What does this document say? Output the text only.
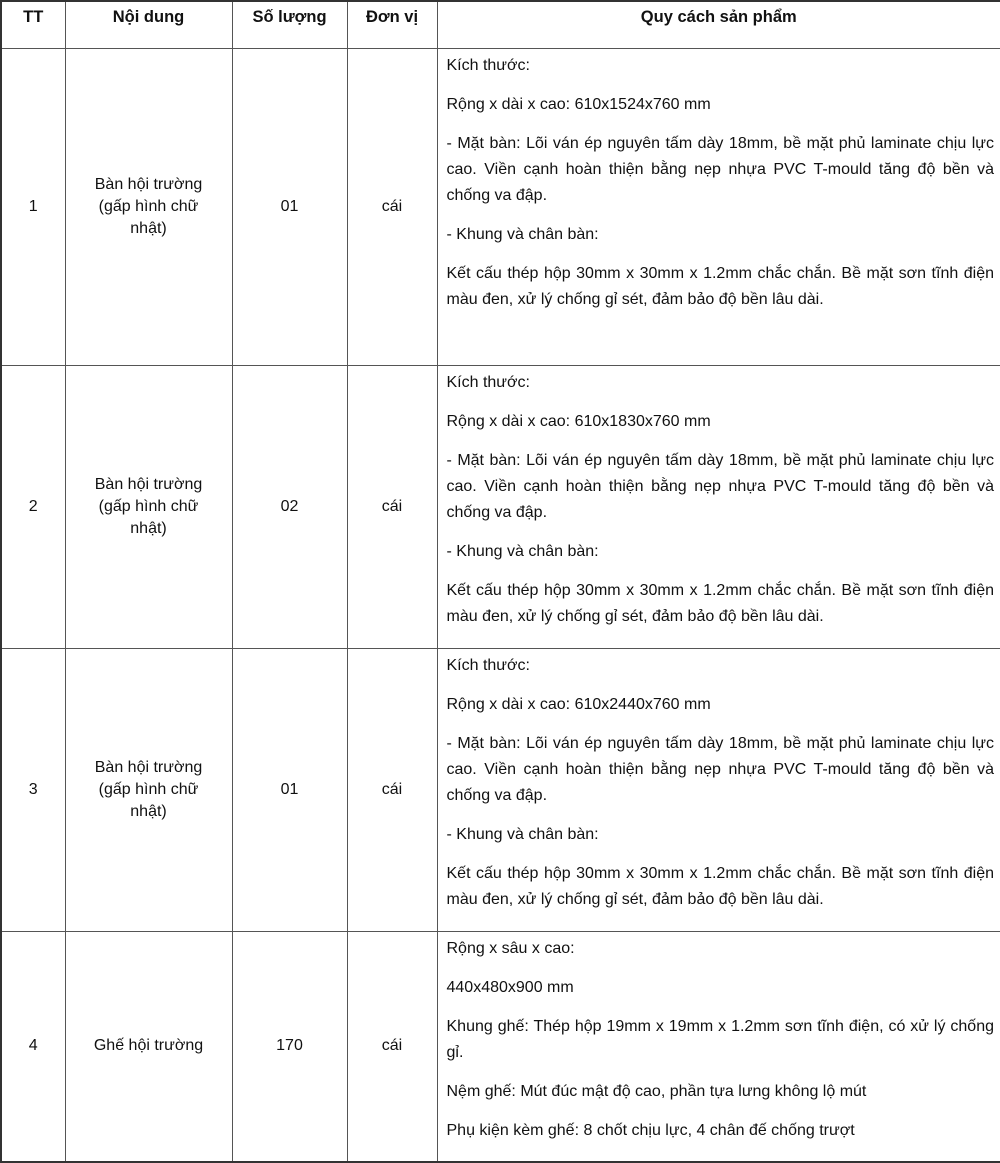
TT	Nội dung	Số lượng	Đơn vị	Quy cách sản phẩm
1	Bàn hội trường (gấp hình chữ nhật)	01	cái	Kích thước:

Rộng x dài x cao: 610x1524x760 mm

- Mặt bàn: Lõi ván ép nguyên tấm dày 18mm, bề mặt phủ laminate chịu lực cao. Viền cạnh hoàn thiện bằng nẹp nhựa PVC T-mould tăng độ bền và chống va đập.

- Khung và chân bàn:

Kết cấu thép hộp 30mm x 30mm x 1.2mm chắc chắn. Bề mặt sơn tĩnh điện màu đen, xử lý chống gỉ sét, đảm bảo độ bền lâu dài.

2	Bàn hội trường (gấp hình chữ nhật)	02	cái	Kích thước:

Rộng x dài x cao: 610x1830x760 mm

- Mặt bàn: Lõi ván ép nguyên tấm dày 18mm, bề mặt phủ laminate chịu lực cao. Viền cạnh hoàn thiện bằng nẹp nhựa PVC T-mould tăng độ bền và chống va đập.

- Khung và chân bàn:

Kết cấu thép hộp 30mm x 30mm x 1.2mm chắc chắn. Bề mặt sơn tĩnh điện màu đen, xử lý chống gỉ sét, đảm bảo độ bền lâu dài.

3	Bàn hội trường (gấp hình chữ nhật)	01	cái	Kích thước:

Rộng x dài x cao: 610x2440x760 mm

- Mặt bàn: Lõi ván ép nguyên tấm dày 18mm, bề mặt phủ laminate chịu lực cao. Viền cạnh hoàn thiện bằng nẹp nhựa PVC T-mould tăng độ bền và chống va đập.

- Khung và chân bàn:

Kết cấu thép hộp 30mm x 30mm x 1.2mm chắc chắn. Bề mặt sơn tĩnh điện màu đen, xử lý chống gỉ sét, đảm bảo độ bền lâu dài.

4	Ghế hội trường	170	cái	Rộng x sâu x cao:

440x480x900 mm

Khung ghế: Thép hộp 19mm x 19mm x 1.2mm sơn tĩnh điện, có xử lý chống gỉ.

Nệm ghế: Mút đúc mật độ cao, phần tựa lưng không lộ mút

Phụ kiện kèm ghế: 8 chốt chịu lực, 4 chân đế chống trượt
